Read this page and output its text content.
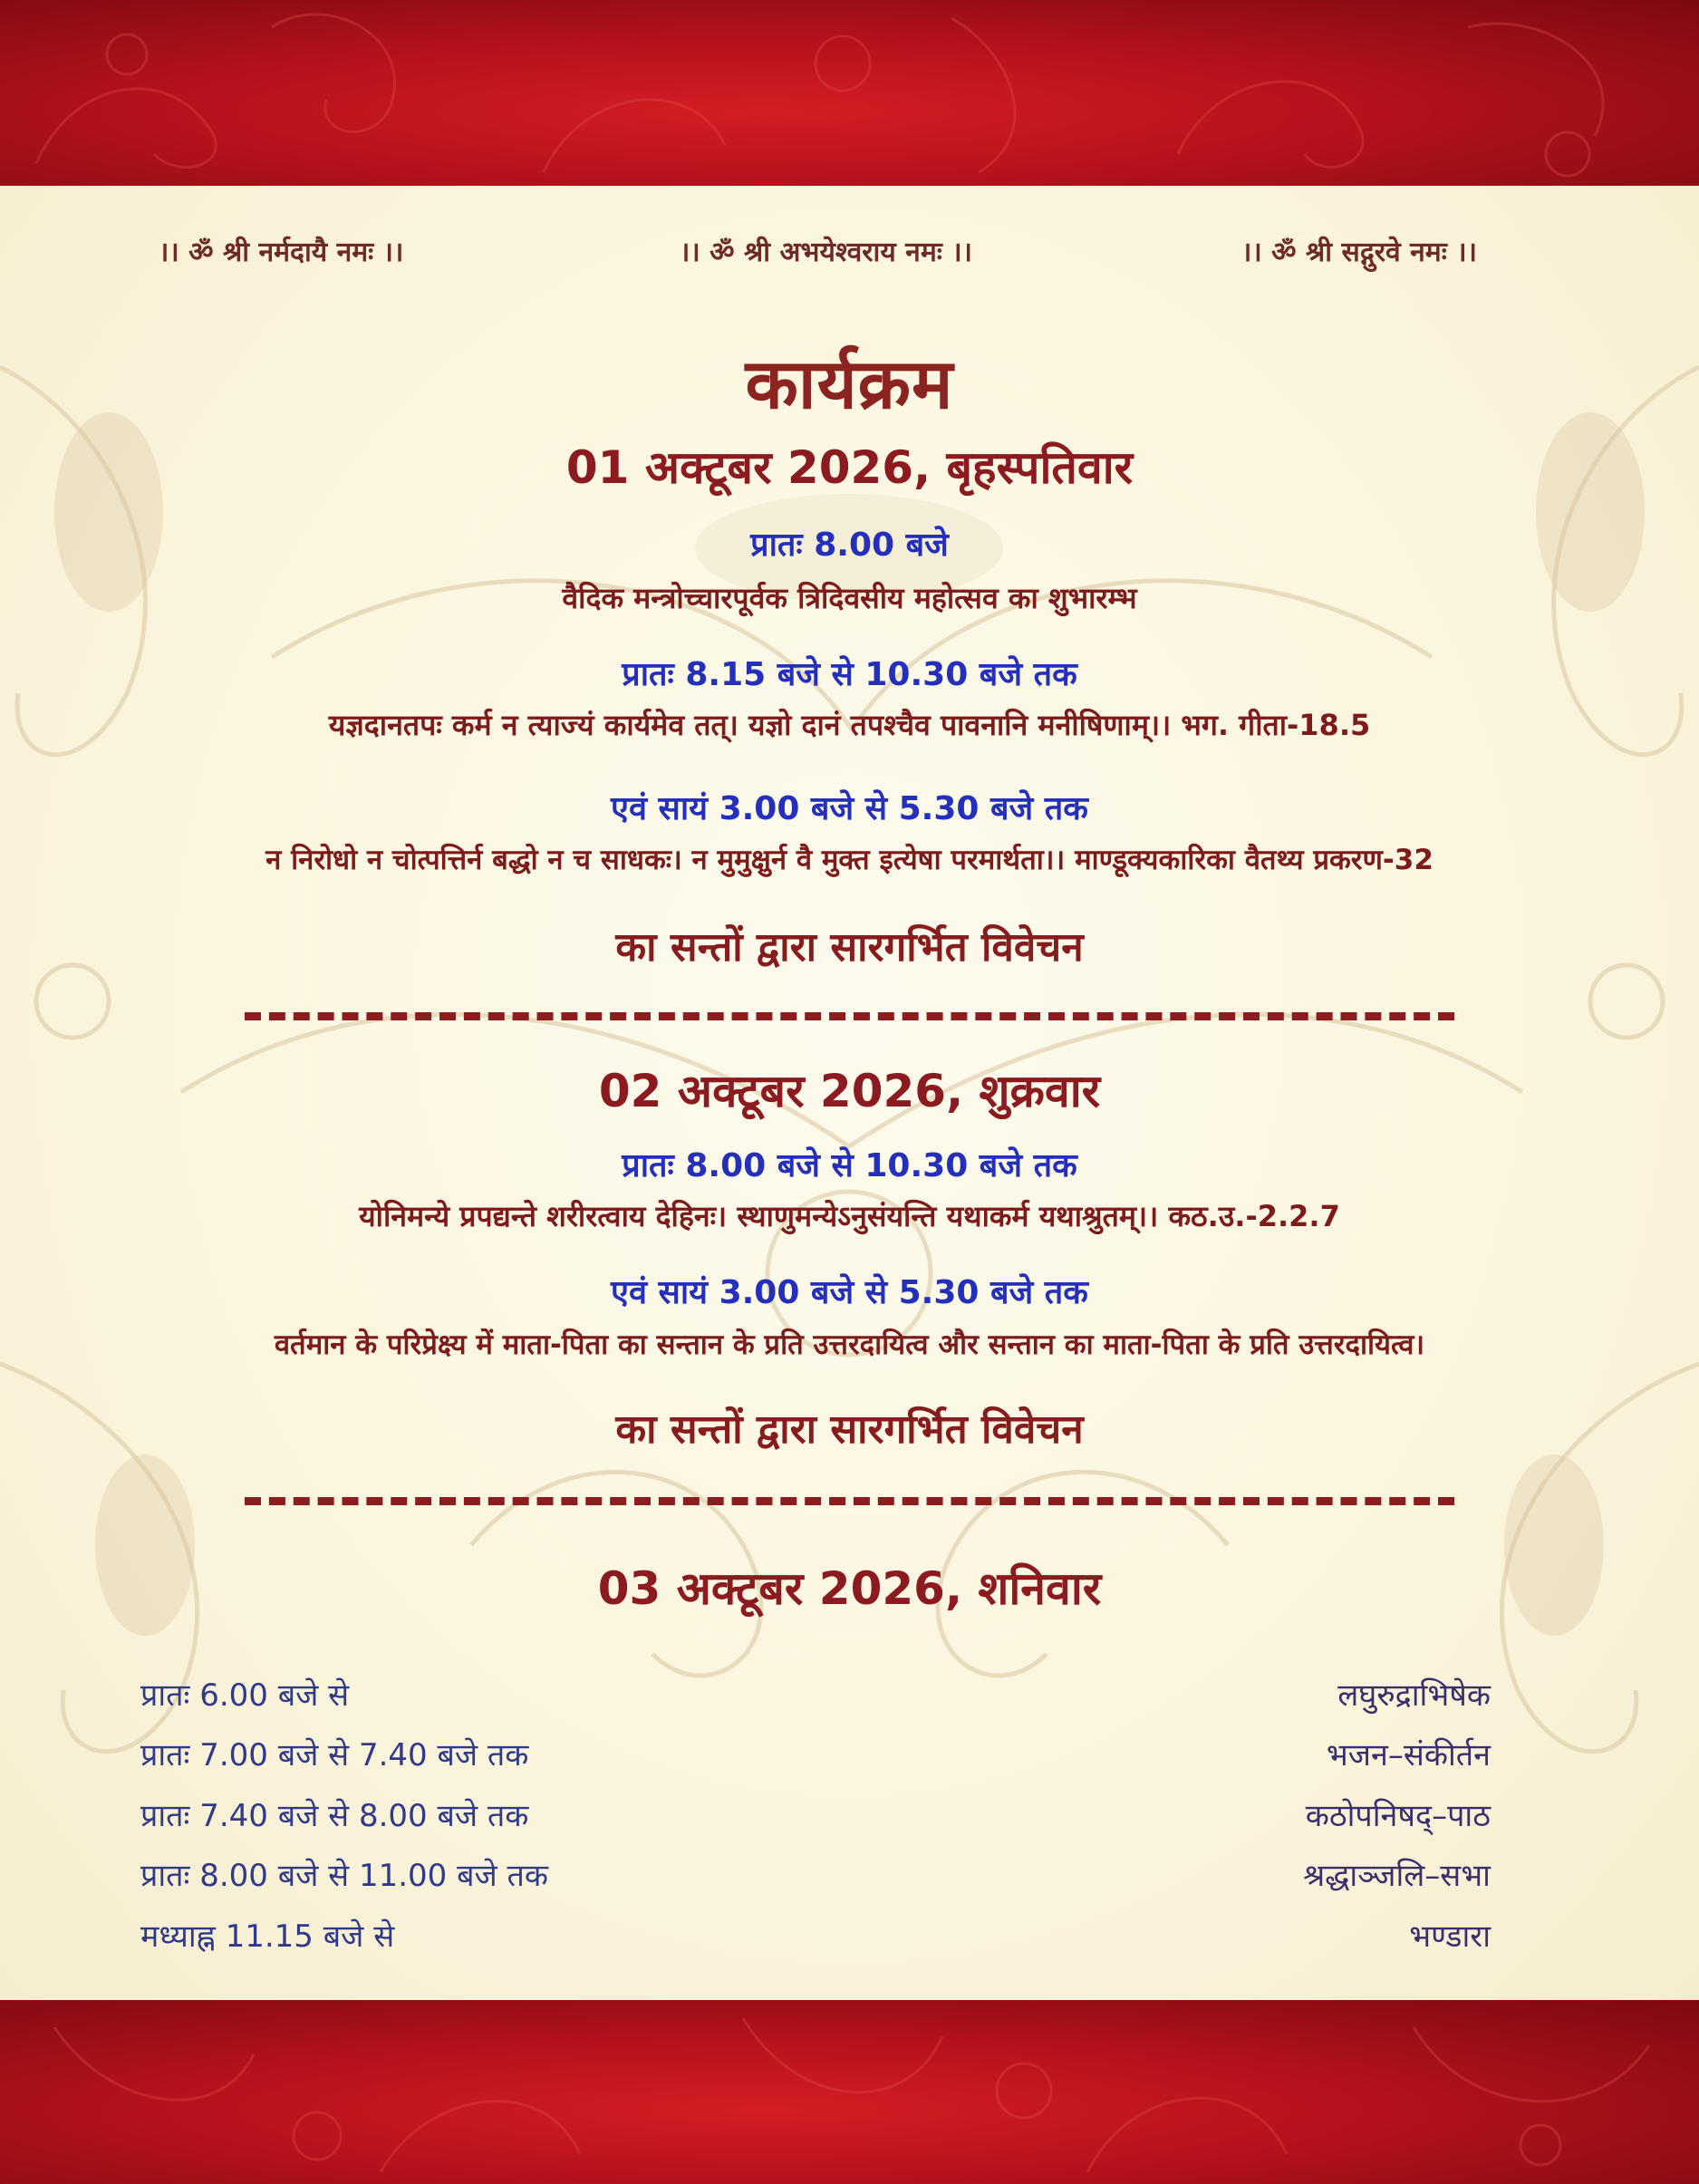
।। ॐ श्री नर्मदायै नमः ।।	।। ॐ श्री अभयेश्वराय नमः ।।	।। ॐ श्री सद्गुरवे नमः ।।

कार्यक्रम

01 अक्टूबर 2026, बृहस्पतिवार

प्रातः 8.00 बजे

वैदिक मन्त्रोच्चारपूर्वक त्रिदिवसीय महोत्सव का शुभारम्भ

प्रातः 8.15 बजे से 10.30 बजे तक

यज्ञदानतपः कर्म न त्याज्यं कार्यमेव तत्। यज्ञो दानं तपश्चैव पावनानि मनीषिणाम्।। भग. गीता-18.5

एवं सायं 3.00 बजे से 5.30 बजे तक

न निरोधो न चोत्पत्तिर्न बद्धो न च साधकः। न मुमुक्षुर्न वै मुक्त इत्येषा परमार्थता।। माण्डूक्यकारिका वैतथ्य प्रकरण-32

का सन्तों द्वारा सारगर्भित विवेचन

02 अक्टूबर 2026, शुक्रवार

प्रातः 8.00 बजे से 10.30 बजे तक

योनिमन्ये प्रपद्यन्ते शरीरत्वाय देहिनः। स्थाणुमन्येऽनुसंयन्ति यथाकर्म यथाश्रुतम्।। कठ.उ.-2.2.7

एवं सायं 3.00 बजे से 5.30 बजे तक

वर्तमान के परिप्रेक्ष्य में माता-पिता का सन्तान के प्रति उत्तरदायित्व और सन्तान का माता-पिता के प्रति उत्तरदायित्व।

का सन्तों द्वारा सारगर्भित विवेचन

03 अक्टूबर 2026, शनिवार

प्रातः 6.00 बजे से	लघुरुद्राभिषेक
प्रातः 7.00 बजे से 7.40 बजे तक	भजन–संकीर्तन
प्रातः 7.40 बजे से 8.00 बजे तक	कठोपनिषद्–पाठ
प्रातः 8.00 बजे से 11.00 बजे तक	श्रद्धाञ्जलि–सभा
मध्याह्न 11.15 बजे से	भण्डारा
